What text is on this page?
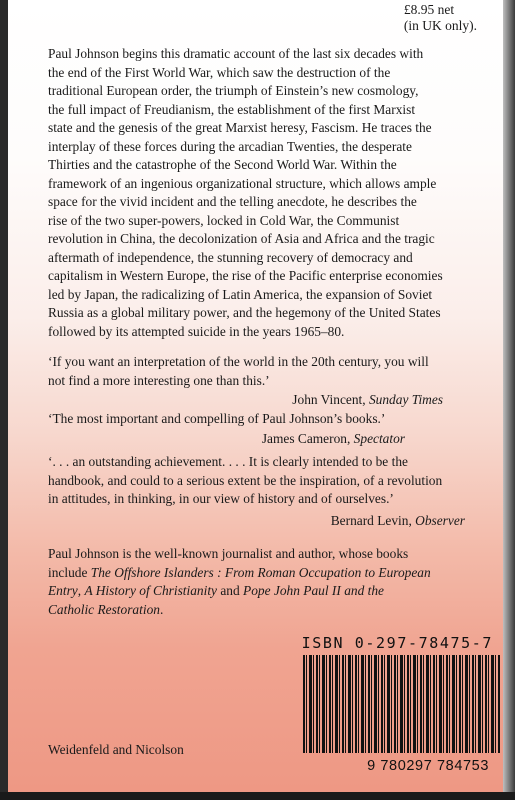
£8.95 net
(in UK only).
Paul Johnson begins this dramatic account of the last six decades with
the end of the First World War, which saw the destruction of the
traditional European order, the triumph of Einstein’s new cosmology,
the full impact of Freudianism, the establishment of the first Marxist
state and the genesis of the great Marxist heresy, Fascism. He traces the
interplay of these forces during the arcadian Twenties, the desperate
Thirties and the catastrophe of the Second World War. Within the
framework of an ingenious organizational structure, which allows ample
space for the vivid incident and the telling anecdote, he describes the
rise of the two super-powers, locked in Cold War, the Communist
revolution in China, the decolonization of Asia and Africa and the tragic
aftermath of independence, the stunning recovery of democracy and
capitalism in Western Europe, the rise of the Pacific enterprise economies
led by Japan, the radicalizing of Latin America, the expansion of Soviet
Russia as a global military power, and the hegemony of the United States
followed by its attempted suicide in the years 1965–80.
‘If you want an interpretation of the world in the 20th century, you will
not find a more interesting one than this.’
John Vincent, Sunday Times
‘The most important and compelling of Paul Johnson’s books.’
James Cameron, Spectator
‘. . . an outstanding achievement. . . . It is clearly intended to be the
handbook, and could to a serious extent be the inspiration, of a revolution
in attitudes, in thinking, in our view of history and of ourselves.’
Bernard Levin, Observer
Paul Johnson is the well-known journalist and author, whose books
include The Offshore Islanders : From Roman Occupation to European
Entry, A History of Christianity and Pope John Paul II and the
Catholic Restoration.
ISBN 0-297-78475-7
9 780297 784753
Weidenfeld and Nicolson
